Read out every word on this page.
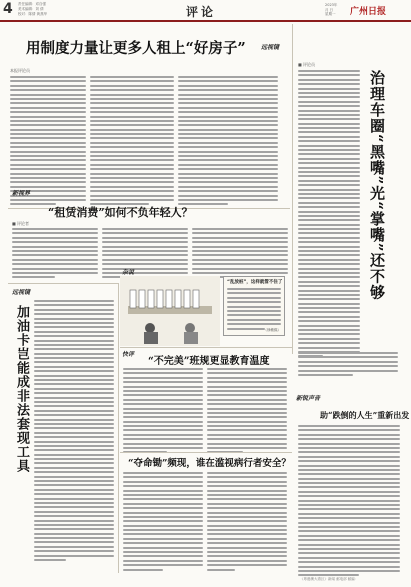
4 责任编辑：邓自强
美术编辑：刘 倩
校对：陈倩 黄燕华	评论	2023年
月 日
星期一 广州日报
用制度力量让更多人租上“好房子”
本报评论员
远视镜
■ 评论员
治理车圈“黑嘴”光“掌嘴”还不够
新视界
“租赁消费”如何不负年轻人？
■ 评论者
远视镜
加油卡岂能成非法套现工具
杂说
“乱放桩”，这样就管不住了
（徐敏熙）
快评
“不完美”班规更显教育温度
新锐声音
助“跌倒的人生”重新出发
“夺命锄”频现，谁在滥视病行者安全？
《粤港澳大湾区》新闻 邮电部 邮编：
